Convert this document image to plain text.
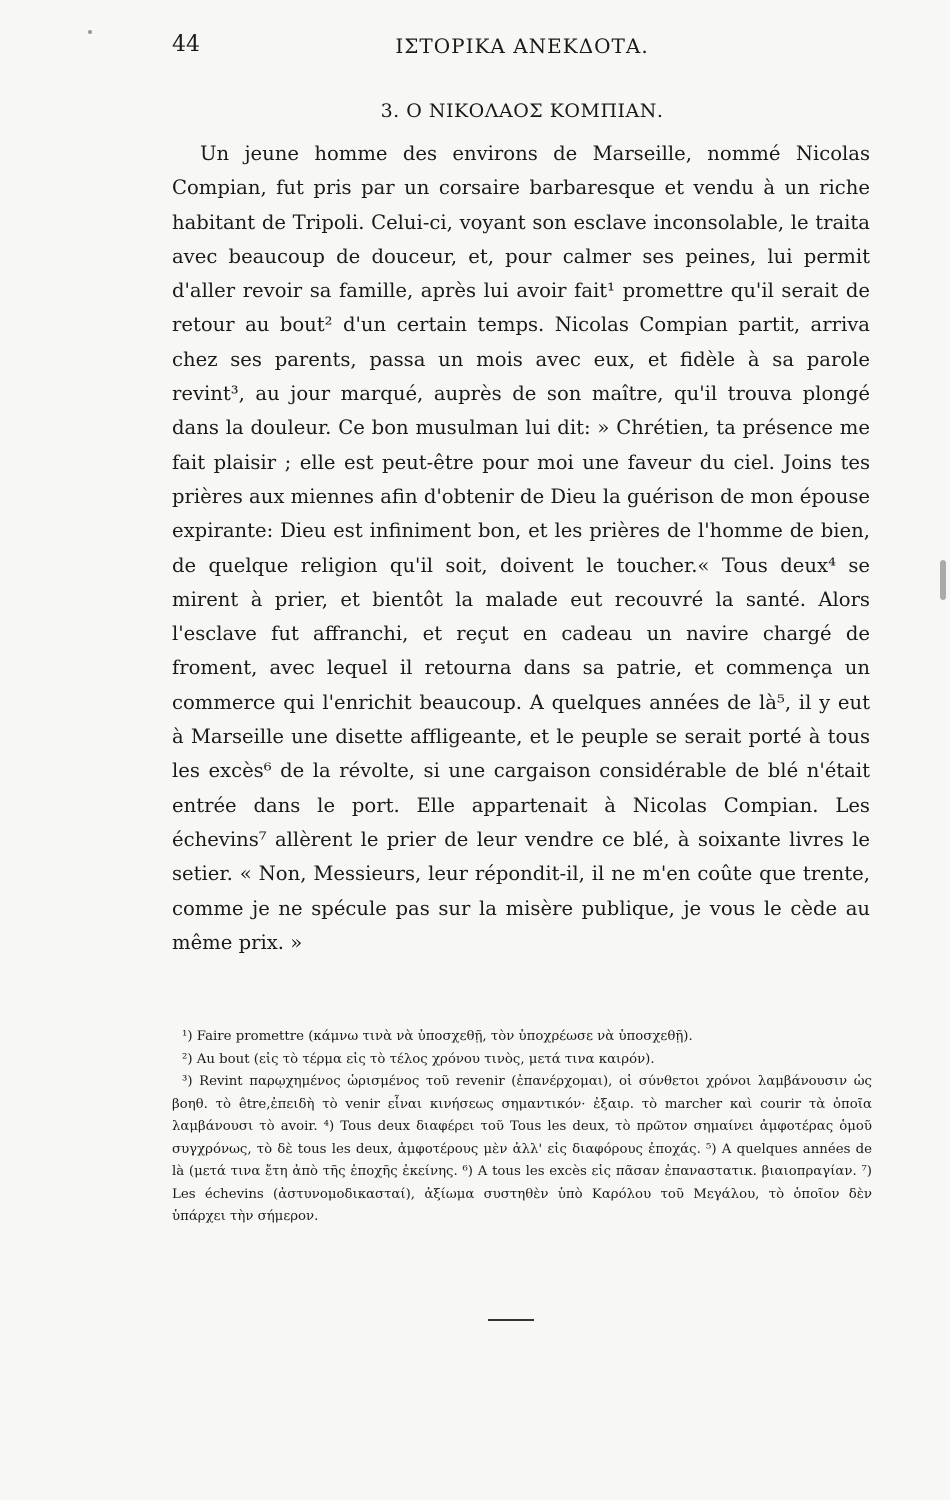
44	ΙΣΤΟΡΙΚΑ ΑΝΕΚΔΟΤΑ.
3. Ο ΝΙΚΟΛΑΟΣ ΚΟΜΠΙΑΝ.

Un jeune homme des environs de Marseille, nommé Nicolas Compian, fut pris par un corsaire barbaresque et vendu à un riche habitant de Tripoli. Celui-ci, voyant son esclave inconsolable, le traita avec beaucoup de douceur, et, pour calmer ses peines, lui permit d'aller revoir sa famille, après lui avoir fait¹ promettre qu'il serait de retour au bout² d'un certain temps. Nicolas Compian partit, arriva chez ses parents, passa un mois avec eux, et fidèle à sa parole revint³, au jour marqué, auprès de son maître, qu'il trouva plongé dans la douleur. Ce bon musulman lui dit: » Chrétien, ta présence me fait plaisir ; elle est peut-être pour moi une faveur du ciel. Joins tes prières aux miennes afin d'obtenir de Dieu la guérison de mon épouse expirante: Dieu est infiniment bon, et les prières de l'homme de bien, de quelque religion qu'il soit, doivent le toucher.« Tous deux⁴ se mirent à prier, et bientôt la malade eut recouvré la santé. Alors l'esclave fut affranchi, et reçut en cadeau un navire chargé de froment, avec lequel il retourna dans sa patrie, et commença un commerce qui l'enrichit beaucoup. A quelques années de là⁵, il y eut à Marseille une disette affligeante, et le peuple se serait porté à tous les excès⁶ de la révolte, si une cargaison considérable de blé n'était entrée dans le port. Elle appartenait à Nicolas Compian. Les échevins⁷ allèrent le prier de leur vendre ce blé, à soixante livres le setier. « Non, Messieurs, leur répondit-il, il ne m'en coûte que trente, comme je ne spécule pas sur la misère publique, je vous le cède au même prix. »

¹) Faire promettre (κάμνω τινὰ νὰ ὑποσχεθῇ, τὸν ὑποχρέωσε νὰ ὑποσχεθῇ).

²) Au bout (εἰς τὸ τέρμα εἰς τὸ τέλος χρόνου τινὸς, μετά τινα καιρόν).

³) Revint παρῳχημένος ὡρισμένος τοῦ revenir (ἐπανέρχομαι), οἱ σύνθετοι χρόνοι λαμβάνουσιν ὡς βοηθ. τὸ être,ἐπειδὴ τὸ venir εἶναι κινήσεως σημαντικόν· ἐξαιρ. τὸ marcher καὶ courir τὰ ὁποῖα λαμβάνουσι τὸ avoir. ⁴) Tous deux διαφέρει τοῦ Tous les deux, τὸ πρῶτον σημαίνει ἀμφοτέρας ὁμοῦ συγχρόνως, τὸ δὲ tous les deux, ἀμφοτέρους μὲν ἀλλ' εἰς διαφόρους ἐποχάς. ⁵) A quelques années de là (μετά τινα ἔτη ἀπὸ τῆς ἐποχῆς ἐκείνης. ⁶) A tous les excès εἰς πᾶσαν ἐπαναστατικ. βιαιοπραγίαν. ⁷) Les échevins (ἀστυνομοδικασταί), ἀξίωμα συστηθὲν ὑπὸ Καρόλου τοῦ Μεγάλου, τὸ ὁποῖον δὲν ὑπάρχει τὴν σήμερον.
